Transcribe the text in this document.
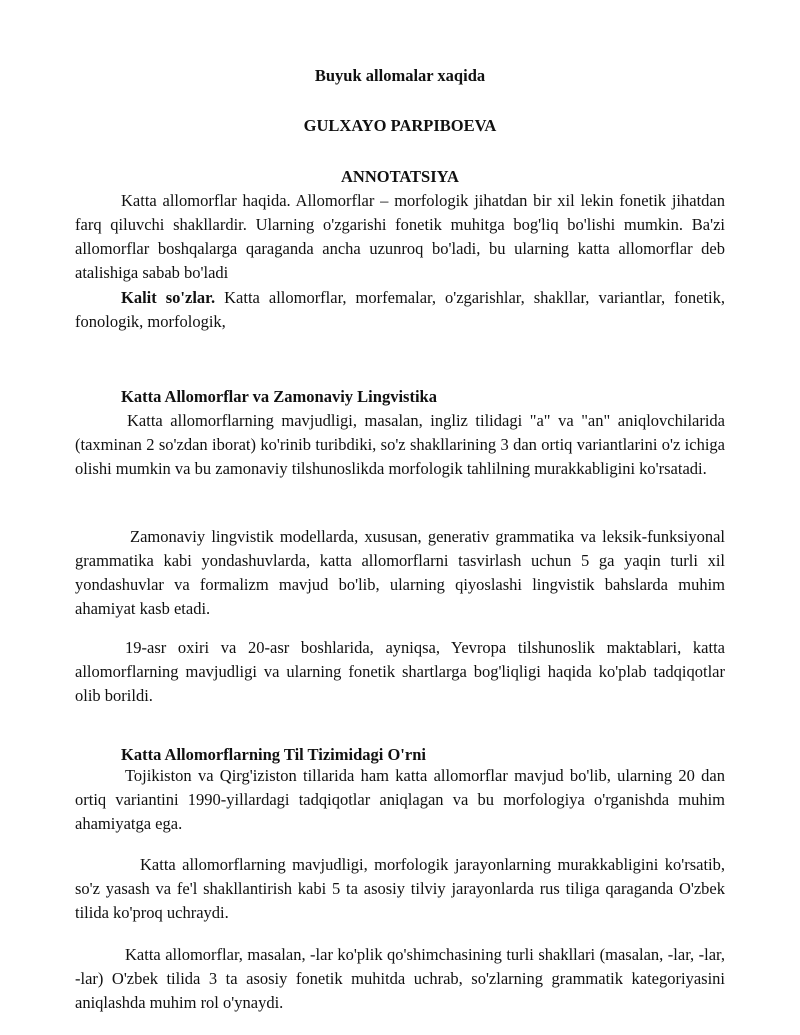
Buyuk allomalar xaqida

GULXAYO PARPIBOEVA

ANNOTATSIYA

Katta allomorflar haqida. Allomorflar – morfologik jihatdan bir xil lekin fonetik jihatdan farq qiluvchi shakllardir. Ularning o'zgarishi fonetik muhitga bog'liq bo'lishi mumkin. Ba'zi allomorflar boshqalarga qaraganda ancha uzunroq bo'ladi, bu ularning katta allomorflar deb atalishiga sabab bo'ladi

Kalit so'zlar. Katta allomorflar, morfemalar, o'zgarishlar, shakllar, variantlar, fonetik, fonologik, morfologik,

Katta Allomorflar va Zamonaviy Lingvistika

Katta allomorflarning mavjudligi, masalan, ingliz tilidagi "a" va "an" aniqlovchilarida (taxminan 2 so'zdan iborat) ko'rinib turibdiki, so'z shakllarining 3 dan ortiq variantlarini o'z ichiga olishi mumkin va bu zamonaviy tilshunoslikda morfologik tahlilning murakkabligini ko'rsatadi.

Zamonaviy lingvistik modellarda, xususan, generativ grammatika va leksik-funksiyonal grammatika kabi yondashuvlarda, katta allomorflarni tasvirlash uchun 5 ga yaqin turli xil yondashuvlar va formalizm mavjud bo'lib, ularning qiyoslashi lingvistik bahslarda muhim ahamiyat kasb etadi.

19-asr oxiri va 20-asr boshlarida, ayniqsa, Yevropa tilshunoslik maktablari, katta allomorflarning mavjudligi va ularning fonetik shartlarga bog'liqligi haqida ko'plab tadqiqotlar olib borildi.

Katta Allomorflarning Til Tizimidagi O'rni

Tojikiston va Qirg'iziston tillarida ham katta allomorflar mavjud bo'lib, ularning 20 dan ortiq variantini 1990-yillardagi tadqiqotlar aniqlagan va bu morfologiya o'rganishda muhim ahamiyatga ega.

Katta allomorflarning mavjudligi, morfologik jarayonlarning murakkabligini ko'rsatib, so'z yasash va fe'l shakllantirish kabi 5 ta asosiy tilviy jarayonlarda rus tiliga qaraganda O'zbek tilida ko'proq uchraydi.

Katta allomorflar, masalan, -lar ko'plik qo'shimchasining turli shakllari (masalan, -lar, -lar, -lar) O'zbek tilida 3 ta asosiy fonetik muhitda uchrab, so'zlarning grammatik kategoriyasini aniqlashda muhim rol o'ynaydi.
